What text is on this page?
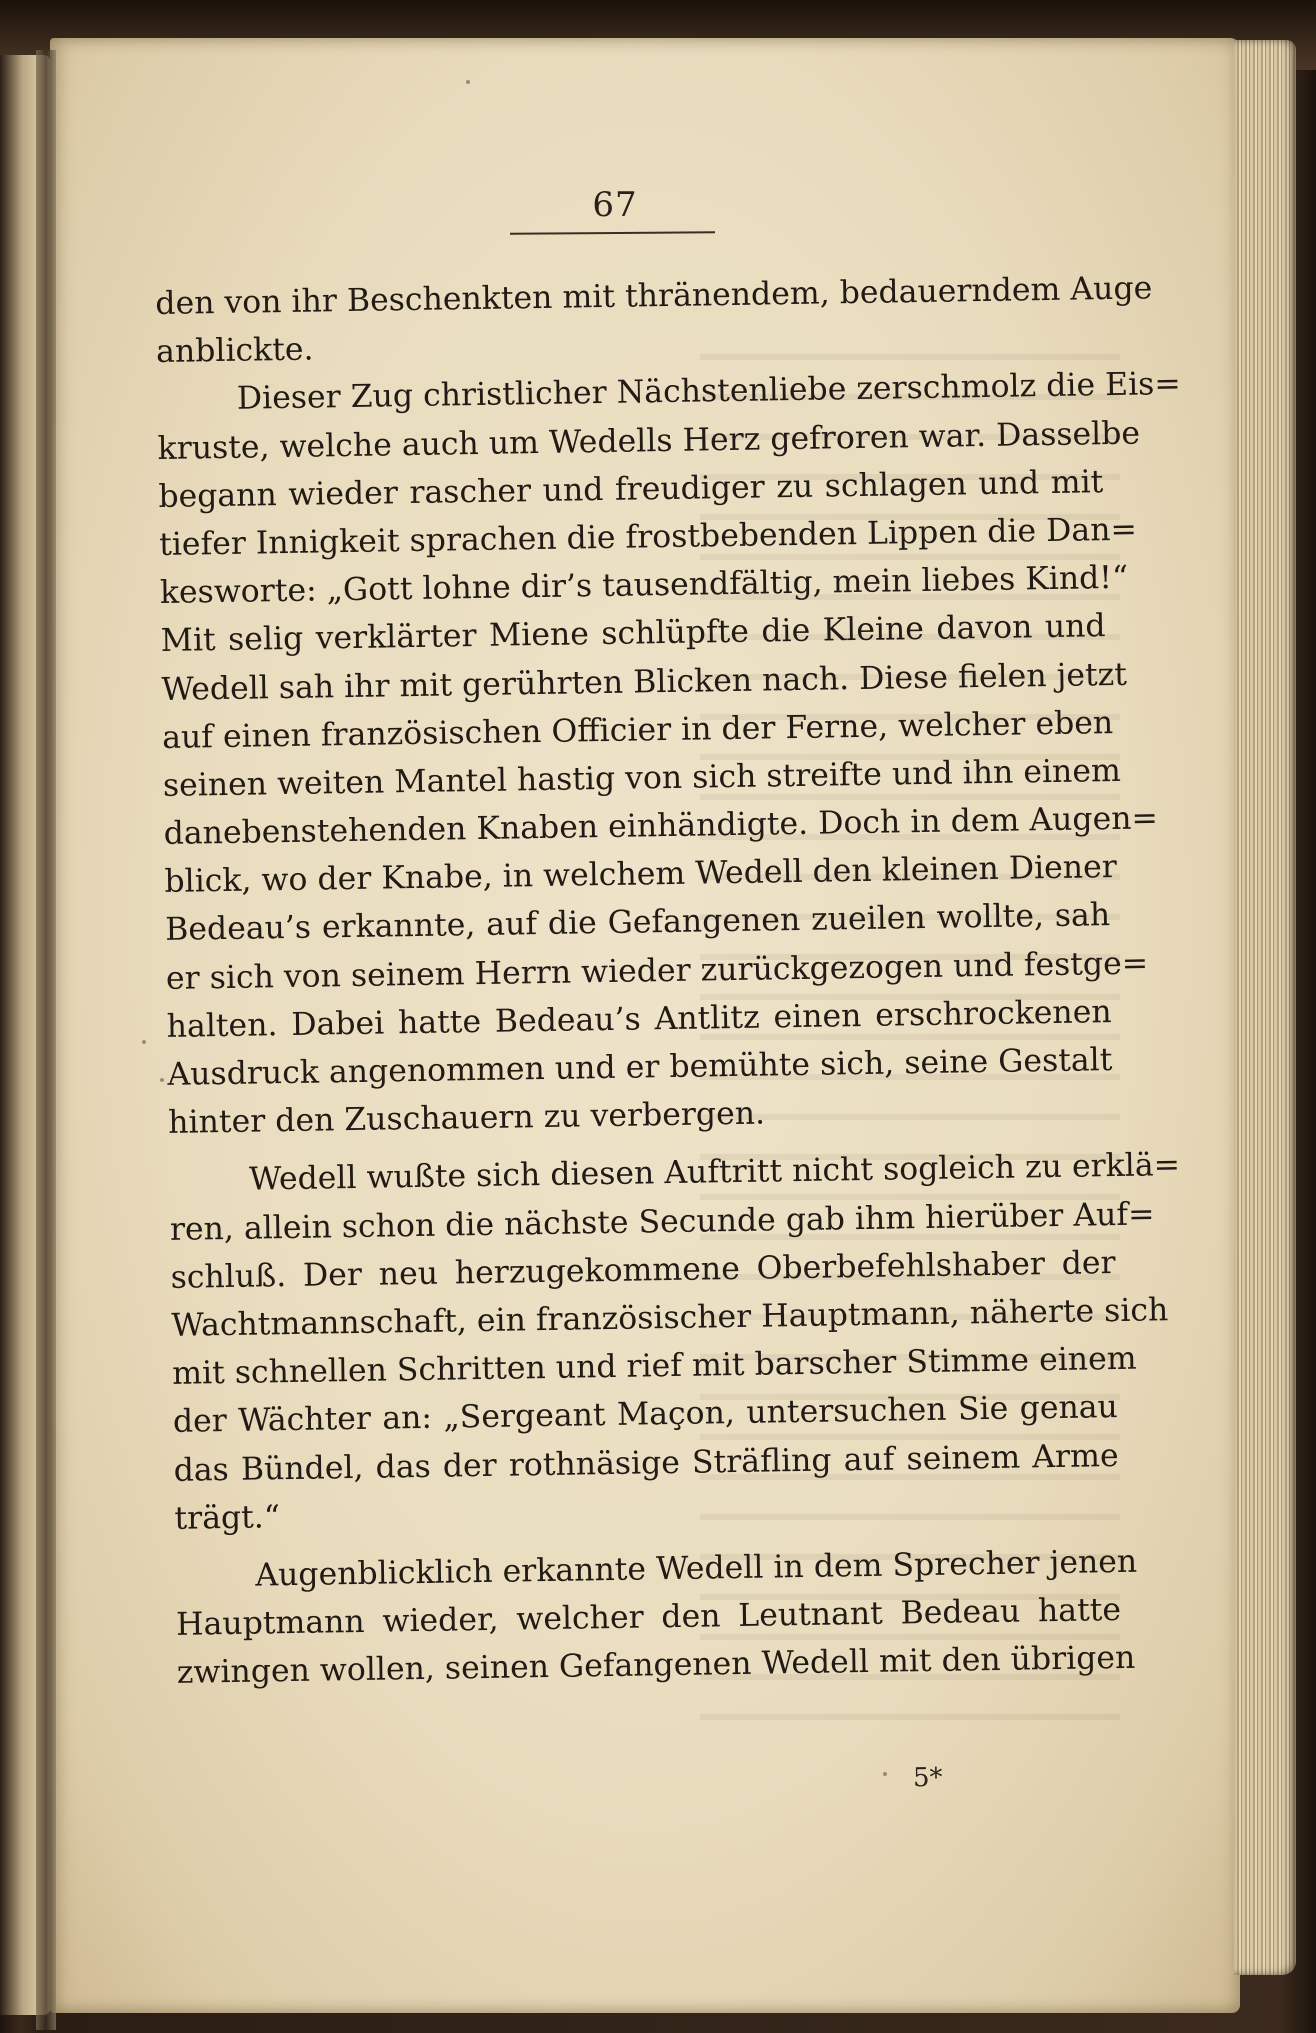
67
den von ihr Beschenkten mit thränendem, bedauerndem Auge
anblickte.
Dieser Zug christlicher Nächstenliebe zerschmolz die Eis=
kruste, welche auch um Wedells Herz gefroren war. Dasselbe
begann wieder rascher und freudiger zu schlagen und mit
tiefer Innigkeit sprachen die frostbebenden Lippen die Dan=
kesworte: „Gott lohne dir’s tausendfältig, mein liebes Kind!“
Mit selig verklärter Miene schlüpfte die Kleine davon und
Wedell sah ihr mit gerührten Blicken nach. Diese fielen jetzt
auf einen französischen Officier in der Ferne, welcher eben
seinen weiten Mantel hastig von sich streifte und ihn einem
danebenstehenden Knaben einhändigte. Doch in dem Augen=
blick, wo der Knabe, in welchem Wedell den kleinen Diener
Bedeau’s erkannte, auf die Gefangenen zueilen wollte, sah
er sich von seinem Herrn wieder zurückgezogen und festge=
halten. Dabei hatte Bedeau’s Antlitz einen erschrockenen
Ausdruck angenommen und er bemühte sich, seine Gestalt
hinter den Zuschauern zu verbergen.
Wedell wußte sich diesen Auftritt nicht sogleich zu erklä=
ren, allein schon die nächste Secunde gab ihm hierüber Auf=
schluß. Der neu herzugekommene Oberbefehlshaber der
Wachtmannschaft, ein französischer Hauptmann, näherte sich
mit schnellen Schritten und rief mit barscher Stimme einem
der Wächter an: „Sergeant Maçon, untersuchen Sie genau
das Bündel, das der rothnäsige Sträfling auf seinem Arme
trägt.“
Augenblicklich erkannte Wedell in dem Sprecher jenen
Hauptmann wieder, welcher den Leutnant Bedeau hatte
zwingen wollen, seinen Gefangenen Wedell mit den übrigen
5*
